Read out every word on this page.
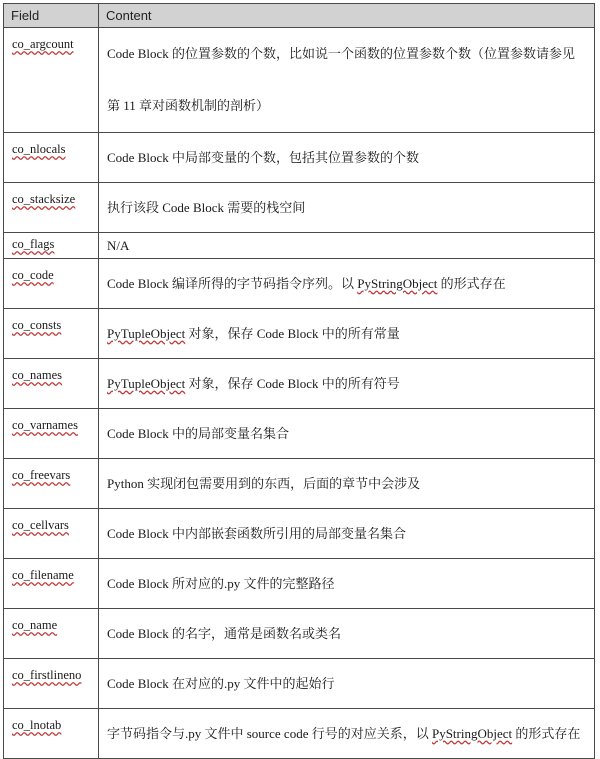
Field	Content
co_argcount	Code Block 的位置参数的个数，比如说一个函数的位置参数个数（位置参数请参见第 11 章对函数机制的剖析）
co_nlocals	Code Block 中局部变量的个数，包括其位置参数的个数
co_stacksize	执行该段 Code Block 需要的栈空间
co_flags	N/A
co_code	Code Block 编译所得的字节码指令序列。以 PyStringObject 的形式存在
co_consts	PyTupleObject 对象，保存 Code Block 中的所有常量
co_names	PyTupleObject 对象，保存 Code Block 中的所有符号
co_varnames	Code Block 中的局部变量名集合
co_freevars	Python 实现闭包需要用到的东西，后面的章节中会涉及
co_cellvars	Code Block 中内部嵌套函数所引用的局部变量名集合
co_filename	Code Block 所对应的.py 文件的完整路径
co_name	Code Block 的名字，通常是函数名或类名
co_firstlineno	Code Block 在对应的.py 文件中的起始行
co_lnotab	字节码指令与.py 文件中 source code 行号的对应关系，以 PyStringObject 的形式存在
